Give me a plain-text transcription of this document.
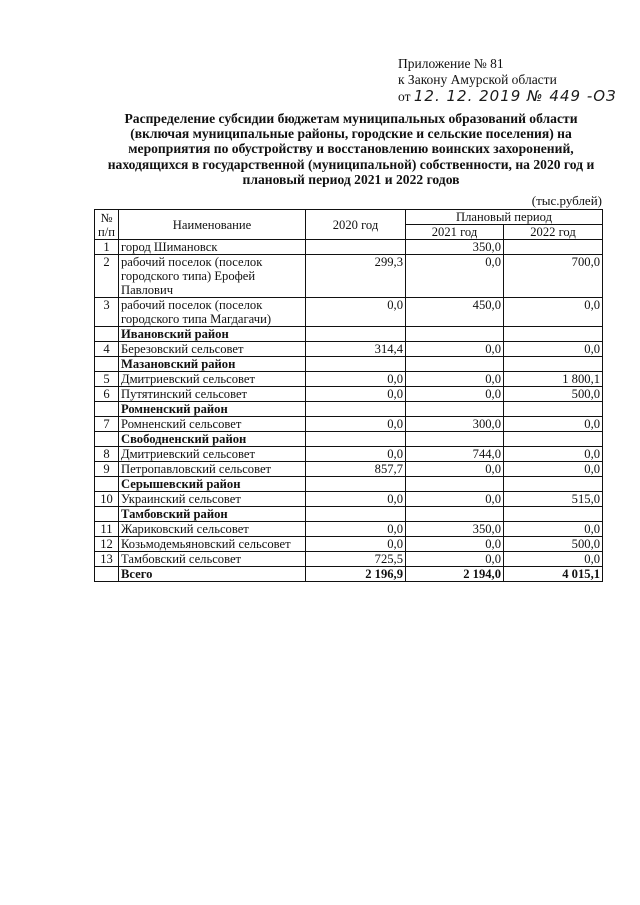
Приложение № 81
к Закону Амурской области
от 12. 12. 2019 № 449 -ОЗ
Распределение субсидии бюджетам муниципальных образований области (включая муниципальные районы, городские и сельские поселения) на мероприятия по обустройству и восстановлению воинских захоронений, находящихся в государственной (муниципальной) собственности, на 2020 год и плановый период 2021 и 2022 годов
(тыс.рублей)
№ п/п	Наименование	2020 год	Плановый период	
			2021 год	2022 год
1	город Шимановск		350,0	
2	рабочий поселок (поселок городского типа) Ерофей Павлович	299,3	0,0	700,0
3	рабочий поселок (поселок городского типа Магдагачи)	0,0	450,0	0,0
	Ивановский район			
4	Березовский сельсовет	314,4	0,0	0,0
	Мазановский район			
5	Дмитриевский сельсовет	0,0	0,0	1 800,1
6	Путятинский сельсовет	0,0	0,0	500,0
	Ромненский район			
7	Ромненский сельсовет	0,0	300,0	0,0
	Свободненский район			
8	Дмитриевский сельсовет	0,0	744,0	0,0
9	Петропавловский сельсовет	857,7	0,0	0,0
	Серышевский район			
10	Украинский сельсовет	0,0	0,0	515,0
	Тамбовский район			
11	Жариковский сельсовет	0,0	350,0	0,0
12	Козьмодемьяновский сельсовет	0,0	0,0	500,0
13	Тамбовский сельсовет	725,5	0,0	0,0
	Всего	2 196,9	2 194,0	4 015,1
